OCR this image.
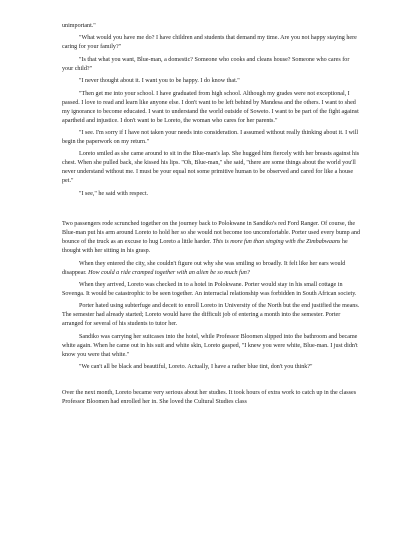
unimportant."

"What would you have me do? I have children and students that demand my time. Are you not happy staying here caring for your family?"

"Is that what you want, Blue-man, a domestic? Someone who cooks and cleans house? Someone who cares for your child?"

"I never thought about it. I want you to be happy. I do know that."

"Then get me into your school. I have graduated from high school. Although my grades were not exceptional, I passed. I love to read and learn like anyone else. I don't want to be left behind by Mandesa and the others. I want to shed my ignorance to become educated. I want to understand the world outside of Soweto. I want to be part of the fight against apartheid and injustice. I don't want to be Loreto, the woman who cares for her parents."

"I see. I'm sorry if I have not taken your needs into consideration. I assumed without really thinking about it. I will begin the paperwork on my return."

Loreto smiled as she came around to sit in the Blue-man's lap. She hugged him fiercely with her breasts against his chest. When she pulled back, she kissed his lips. "Oh, Blue-man," she said, "there are some things about the world you'll never understand without me. I must be your equal not some primitive human to be observed and cared for like a house pet."

"I see," he said with respect.

Two passengers rode scrunched together on the journey back to Polokwane in Sandiko's red Ford Ranger. Of course, the Blue-man put his arm around Loreto to hold her so she would not become too uncomfortable. Porter used every bump and bounce of the truck as an excuse to hug Loreto a little harder. This is more fun than singing with the Zimbabwaans he thought with her sitting in his grasp.

When they entered the city, she couldn't figure out why she was smiling so broadly. It felt like her ears would disappear. How could a ride cramped together with an alien be so much fun?

When they arrived, Loreto was checked in to a hotel in Polokwane. Porter would stay in his small cottage in Sovenga. It would be catastrophic to be seen together. An interracial relationship was forbidden in South African society.

Porter hated using subterfuge and deceit to enroll Loreto in University of the North but the end justified the means. The semester had already started; Loreto would have the difficult job of entering a month into the semester. Porter arranged for several of his students to tutor her.

Sandiko was carrying her suitcases into the hotel, while Professor Bloomen slipped into the bathroom and became white again. When he came out in his suit and white skin, Loreto gasped, "I knew you were white, Blue-man. I just didn't know you were that white."

"We can't all be black and beautiful, Loreto. Actually, I have a rather blue tint, don't you think?"

Over the next month, Loreto became very serious about her studies. It took hours of extra work to catch up in the classes Professor Bloomen had enrolled her in. She loved the Cultural Studies class
